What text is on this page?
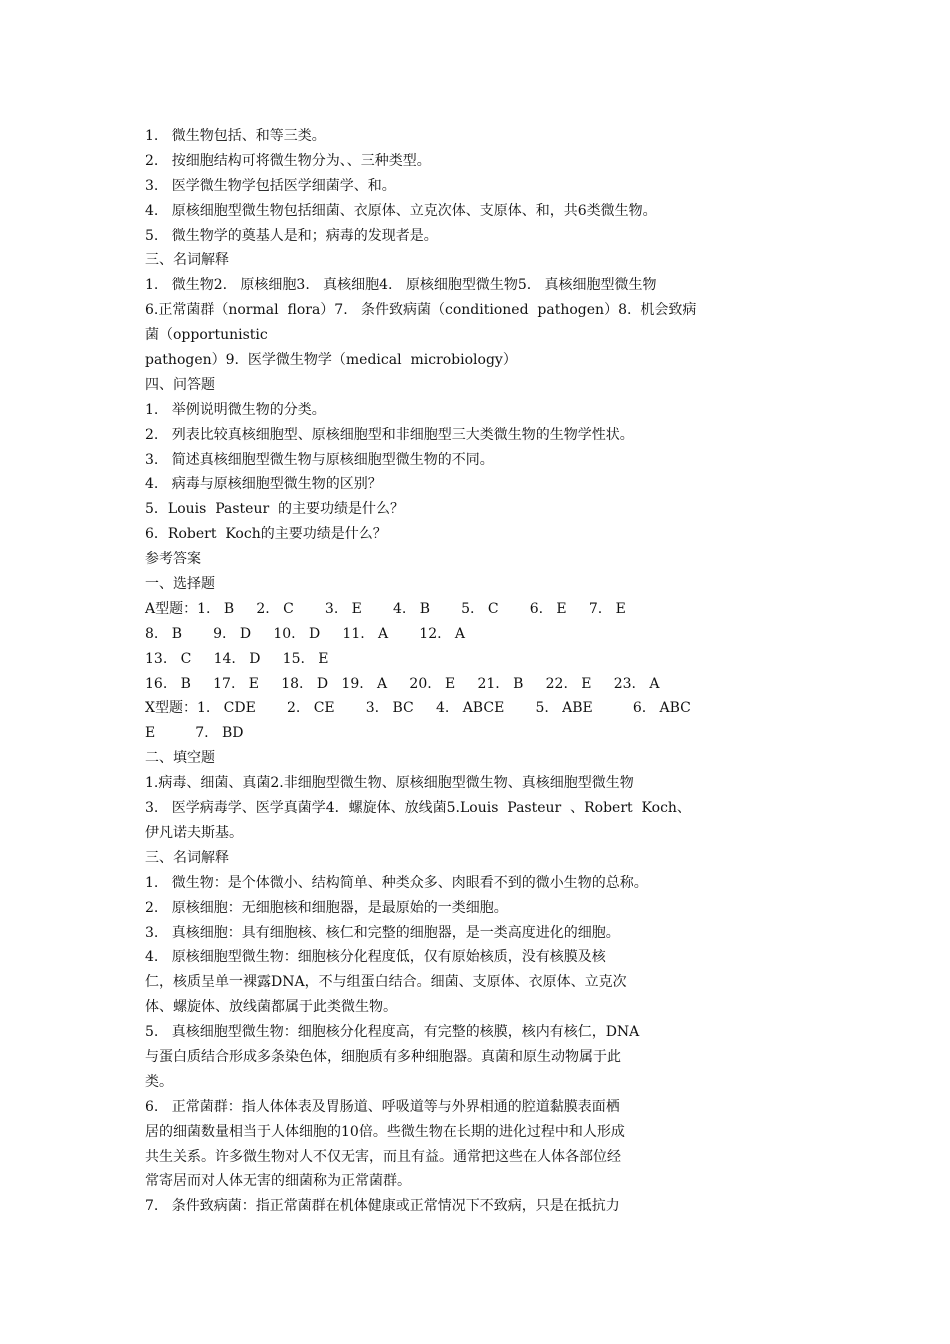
1.   微生物包括、和等三类。
2.   按细胞结构可将微生物分为、、三种类型。
3.   医学微生物学包括医学细菌学、和。
4.   原核细胞型微生物包括细菌、衣原体、立克次体、支原体、和，共6类微生物。
5.   微生物学的奠基人是和；病毒的发现者是。
三、名词解释
1.   微生物2.   原核细胞3.   真核细胞4.   原核细胞型微生物5.   真核细胞型微生物
6.正常菌群（normal  flora）7.   条件致病菌（conditioned  pathogen）8.  机会致病
菌（opportunistic
pathogen）9.  医学微生物学（medical  microbiology）
四、问答题
1.   举例说明微生物的分类。
2.   列表比较真核细胞型、原核细胞型和非细胞型三大类微生物的生物学性状。
3.   简述真核细胞型微生物与原核细胞型微生物的不同。
4.   病毒与原核细胞型微生物的区别？
5．Louis  Pasteur  的主要功绩是什么？
6．Robert  Koch的主要功绩是什么？
参考答案
一、选择题
A型题：1.   B     2.   C       3.   E       4.   B       5.   C       6.   E     7.   E
8.   B       9.   D     10.   D     11.   A       12.   A
13.   C     14.   D     15.   E
16.   B     17.   E     18.   D   19.   A     20.   E     21.   B     22.   E     23.   A
X型题：1.   CDE       2.   CE       3.   BC     4.   ABCE       5.   ABE         6.   ABC
E         7.   BD
二、填空题
1.病毒、细菌、真菌2.非细胞型微生物、原核细胞型微生物、真核细胞型微生物
3.   医学病毒学、医学真菌学4．螺旋体、放线菌5.Louis  Pasteur  、Robert  Koch、
伊凡诺夫斯基。
三、名词解释
1.   微生物：是个体微小、结构简单、种类众多、肉眼看不到的微小生物的总称。
2.   原核细胞：无细胞核和细胞器，是最原始的一类细胞。
3.   真核细胞：具有细胞核、核仁和完整的细胞器，是一类高度进化的细胞。
4.   原核细胞型微生物：细胞核分化程度低，仅有原始核质，没有核膜及核
仁，核质呈单一裸露DNA，不与组蛋白结合。细菌、支原体、衣原体、立克次
体、螺旋体、放线菌都属于此类微生物。
5.   真核细胞型微生物：细胞核分化程度高，有完整的核膜，核内有核仁，DNA
与蛋白质结合形成多条染色体，细胞质有多种细胞器。真菌和原生动物属于此
类。
6.   正常菌群：指人体体表及胃肠道、呼吸道等与外界相通的腔道黏膜表面栖
居的细菌数量相当于人体细胞的10倍。些微生物在长期的进化过程中和人形成
共生关系。许多微生物对人不仅无害，而且有益。通常把这些在人体各部位经
常寄居而对人体无害的细菌称为正常菌群。
7.   条件致病菌：指正常菌群在机体健康或正常情况下不致病，只是在抵抗力
